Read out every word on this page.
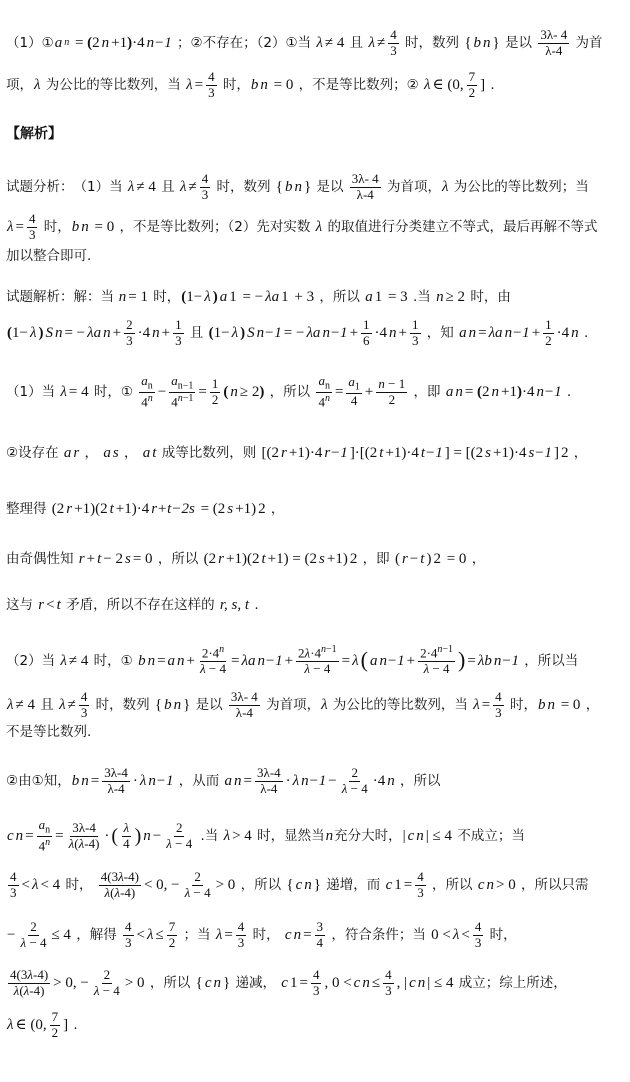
（1）① a n = (2 n +1)·4 n−1 ；②不存在；（2）①当 λ ≠ 4 且 $\lambda \ne \frac{4}{3}$ 时，数列 { b n } 是以 $\frac{3\lambda- 4}{\lambda-4}$ 为首
项， λ 为公比的等比数列，当 $\lambda = \frac{4}{3}$ 时， b n = 0 ，不是等比数列；② λ ∈ (0, $\frac{7}{2}$ ] .
【解析】
试题分析： （1）当 λ ≠ 4 且 $\lambda \ne \frac{4}{3}$ 时，数列 { b n } 是以 $\frac{3\lambda- 4}{\lambda-4}$ 为首项， λ 为公比的等比数列；当
$\lambda = \frac{4}{3}$ 时， b n = 0 ，不是等比数列；（2）先对实数 λ 的取值进行分类建立不等式，最后再解不等式
加以整合即可.
试题解析：解：当 n = 1 时， (1− λ ) a 1 = − λa 1 + 3 ，所以 a 1 = 3 .当 n ≥ 2 时，由
(1− λ ) S n = − λa $n + \frac{2}{3} \cdot 4$ $n + \frac{1}{3}$ 且 (1− λ ) S n−1 = − λa $n-1 + \frac{1}{6} \cdot 4$ $n + \frac{1}{3}$ ，知 a n = λa $n-1 + \frac{1}{2} \cdot 4$ n .
（1）当 λ = 4 时，① $\frac{a_n}{4^n} - \frac{a_{n-1}}{4^{n-1}} = \frac{1}{2}$ ( n ≥ 2) ，所以 $\frac{a_n}{4^n} = \frac{a_1}{4} + \frac{n - 1}{2}$ ，即 a n = (2 n +1)·4 n−1 .
②设存在 a r ， a s ， a t 成等比数列，则 [(2 r +1)·4 r−1 ]·[(2 t +1)·4 t−1 ] = [(2 s +1)·4 s−1 ] 2 ，
整理得 (2 r +1)(2 t +1)·4 r+t−2s = (2 s +1) 2 ，
由奇偶性知 r + t − 2 s = 0 ，所以 (2 r +1)(2 t +1) = (2 s +1) 2 ，即 ( r − t ) 2 = 0 ，
这与 r < t 矛盾，所以不存在这样的 r, s, t .
（2）当 λ ≠ 4 时，① b n = a $n + \frac{2\cdot 4^n}{\lambda - 4} = \lambda a$ $n-1 + \frac{2\lambda\cdot 4^{n-1}}{\lambda - 4} = \lambda$ ( a $n-1 + \frac{2\cdot 4^{n-1}}{\lambda - 4}$ ) = λb n−1 ，所以当
λ ≠ 4 且 $\lambda \ne \frac{4}{3}$ 时，数列 { b n } 是以 $\frac{3\lambda- 4}{\lambda-4}$ 为首项， λ 为公比的等比数列，当 $\lambda = \frac{4}{3}$ 时， b n = 0 ，
不是等比数列.
②由①知， b $n = \frac{3\lambda-4}{\lambda-4} \cdot \lambda$ n−1 ，从而 a $n = \frac{3\lambda-4}{\lambda-4} \cdot \lambda$ $n-1 - \frac{2}{\lambda - 4} \cdot 4$ n ，所以
c $n = \frac{a_n}{4^n} = \frac{3\lambda-4}{\lambda(\lambda-4)}$ · ( $\frac{\lambda}{4}$ ) $n - \frac{2}{\lambda - 4}$ .当 λ > 4 时，显然当 n 充分大时， | c n | ≤ 4 不成立；当
$\frac{4}{3} < \lambda < 4$ 时， $\frac{4(3\lambda-4)}{\lambda(\lambda-4)} < 0$, − $\frac{2}{\lambda - 4} > 0$ ，所以 { c n } 递增，而 c $1 = \frac{4}{3}$ ，所以 c n > 0 ，所以只需
− $\frac{2}{\lambda - 4} \le 4$ ，解得 $\frac{4}{3} < \lambda \le \frac{7}{2}$ ；当 $\lambda = \frac{4}{3}$ 时， c $n = \frac{3}{4}$ ，符合条件；当 $0 < \lambda < \frac{4}{3}$ 时，
$\frac{4(3\lambda-4)}{\lambda(\lambda-4)} > 0$, − $\frac{2}{\lambda - 4} > 0$ ，所以 { c n } 递减， c $1 = \frac{4}{3}$ , 0 < c $n \le \frac{4}{3}$ , | c n | ≤ 4 成立；综上所述，
λ ∈ (0, $\frac{7}{2}$ ] .
